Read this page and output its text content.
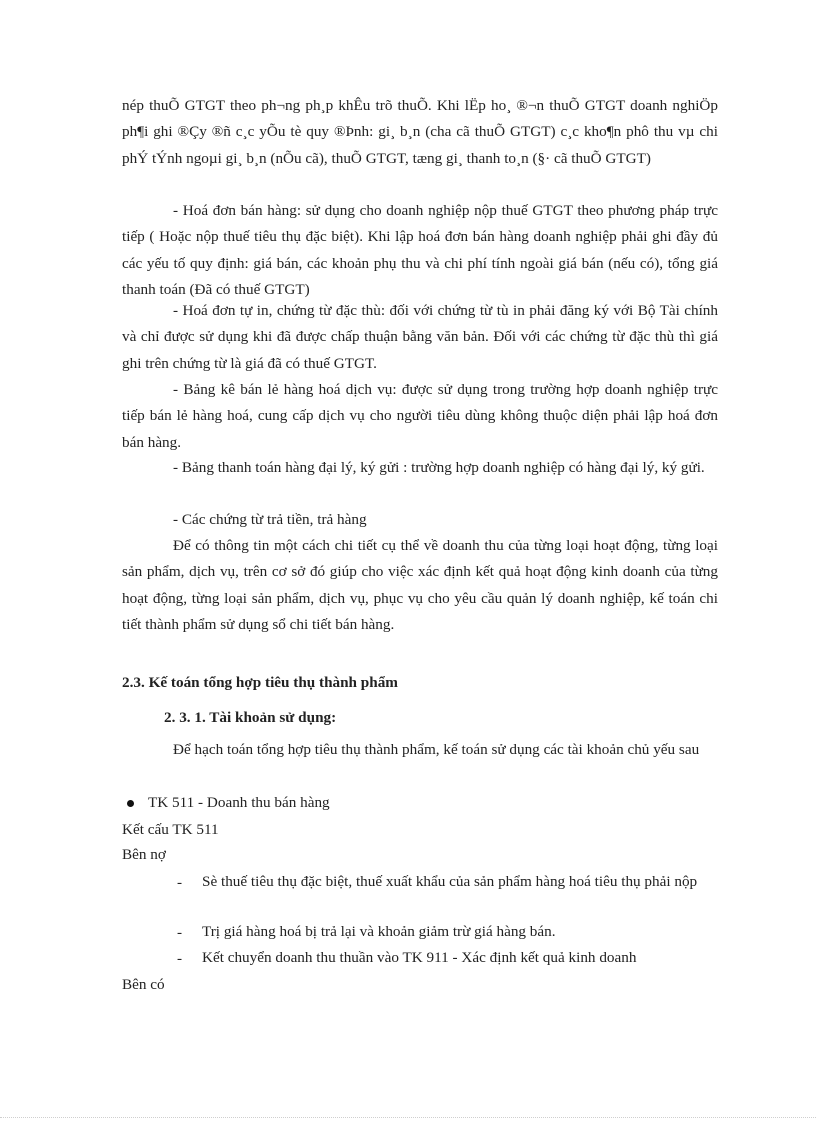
nép thuÕ GTGT theo ph¬ng ph¸p khÊu trõ thuÕ. Khi lËp ho¸ ®¬n thuÕ GTGT doanh nghiÖp ph¶i ghi ®Çy ®ñ c¸c yÕu tè quy ®Þnh: gi¸ b¸n (cha cã thuÕ GTGT) c¸c kho¶n phô thu vµ chi phÝ tÝnh ngoµi gi¸ b¸n (nÕu cã), thuÕ GTGT, tæng gi¸ thanh to¸n (§· cã thuÕ GTGT)

- Hoá đơn bán hàng: sử dụng cho doanh nghiệp nộp thuế GTGT theo phương pháp trực tiếp ( Hoặc nộp thuế tiêu thụ đặc biệt). Khi lập hoá đơn bán hàng doanh nghiệp phải ghi đầy đủ các yếu tố quy định: giá bán, các khoản phụ thu và chi phí tính ngoài giá bán (nếu có), tổng giá thanh toán (Đã có thuế GTGT)

- Hoá đơn tự in, chứng từ đặc thù: đối với chứng từ tù in phải đăng ký với Bộ Tài chính và chỉ được sử dụng khi đã được chấp thuận bằng văn bản. Đối với các chứng từ đặc thù thì giá ghi trên chứng từ là giá đã có thuế GTGT.

- Bảng kê bán lẻ hàng hoá dịch vụ: được sử dụng trong trường hợp doanh nghiệp trực tiếp bán lẻ hàng hoá, cung cấp dịch vụ cho người tiêu dùng không thuộc diện phải lập hoá đơn bán hàng.

- Bảng thanh toán hàng đại lý, ký gửi : trường hợp doanh nghiệp có hàng đại lý, ký gửi.

- Các chứng từ trả tiền, trả hàng

Để có thông tin một cách chi tiết cụ thể về doanh thu của từng loại hoạt động, từng loại sản phẩm, dịch vụ, trên cơ sở đó giúp cho việc xác định kết quả hoạt động kinh doanh của từng hoạt động, từng loại sản phẩm, dịch vụ, phục vụ cho yêu cầu quản lý doanh nghiệp, kế toán chi tiết thành phẩm sử dụng sổ chi tiết bán hàng.

2.3. Kế toán tổng hợp tiêu thụ thành phẩm
2. 3. 1. Tài khoản sử dụng:

Để hạch toán tổng hợp tiêu thụ thành phẩm, kế toán sử dụng các tài khoản chủ yếu sau

TK 511 - Doanh thu bán hàng
Kết cấu TK 511
Bên nợ
- Sè thuế tiêu thụ đặc biệt, thuế xuất khẩu của sản phẩm hàng hoá tiêu thụ phải nộp

- Trị giá hàng hoá bị trả lại và khoản giảm trừ giá hàng bán.

- Kết chuyển doanh thu thuần vào TK 911 - Xác định kết quả kinh doanh

Bên có
